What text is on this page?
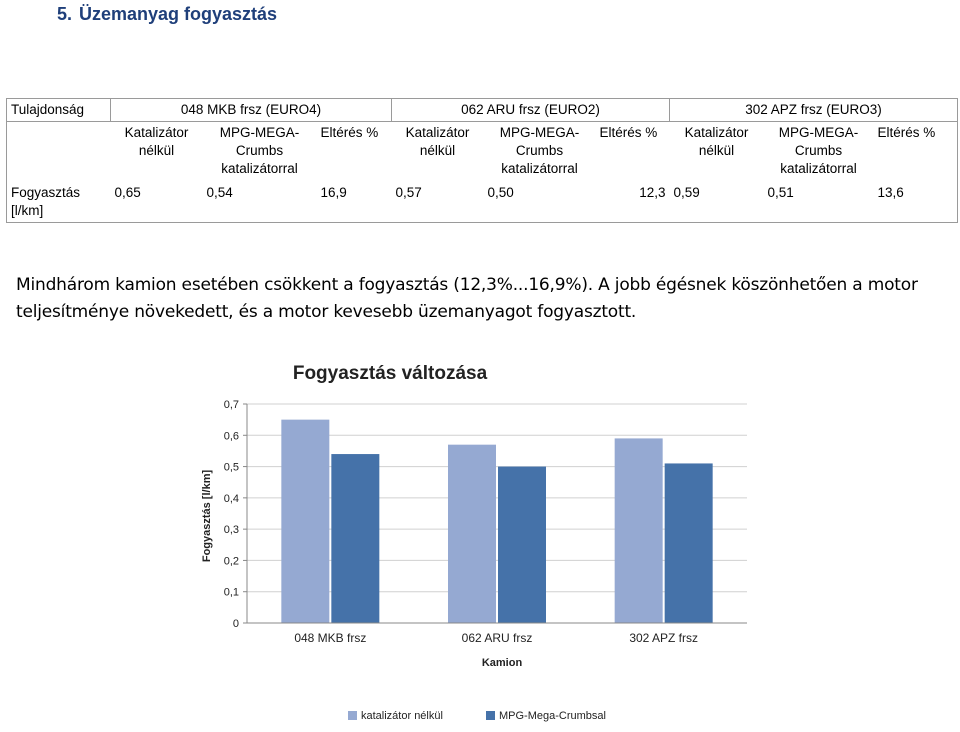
5. Üzemanyag fogyasztás
Tulajdonság	048 MKB frsz (EURO4)			062 ARU frsz (EURO2)			302 APZ frsz (EURO3)		
	Katalizátor nélkül	MPG-MEGA-Crumbs katalizátorral	Eltérés %	Katalizátor nélkül	MPG-MEGA-Crumbs katalizátorral	Eltérés %	Katalizátor nélkül	MPG-MEGA-Crumbs katalizátorral	Eltérés %
Fogyasztás [l/km]	0,65	0,54	16,9	0,57	0,50	12,3	0,59	0,51	13,6
Mindhárom kamion esetében csökkent a fogyasztás (12,3%...16,9%). A jobb égésnek köszönhetően a motor teljesítménye növekedett, és a motor kevesebb üzemanyagot fogyasztott.
Fogyasztás változása
0
0,1
0,2
0,3
0,4
0,5
0,6
0,7
048 MKB frsz	062 ARU frsz	302 APZ frsz
Fogyasztás [l/km]
Kamion
katalizátor nélkül	MPG-Mega-Crumbsal
